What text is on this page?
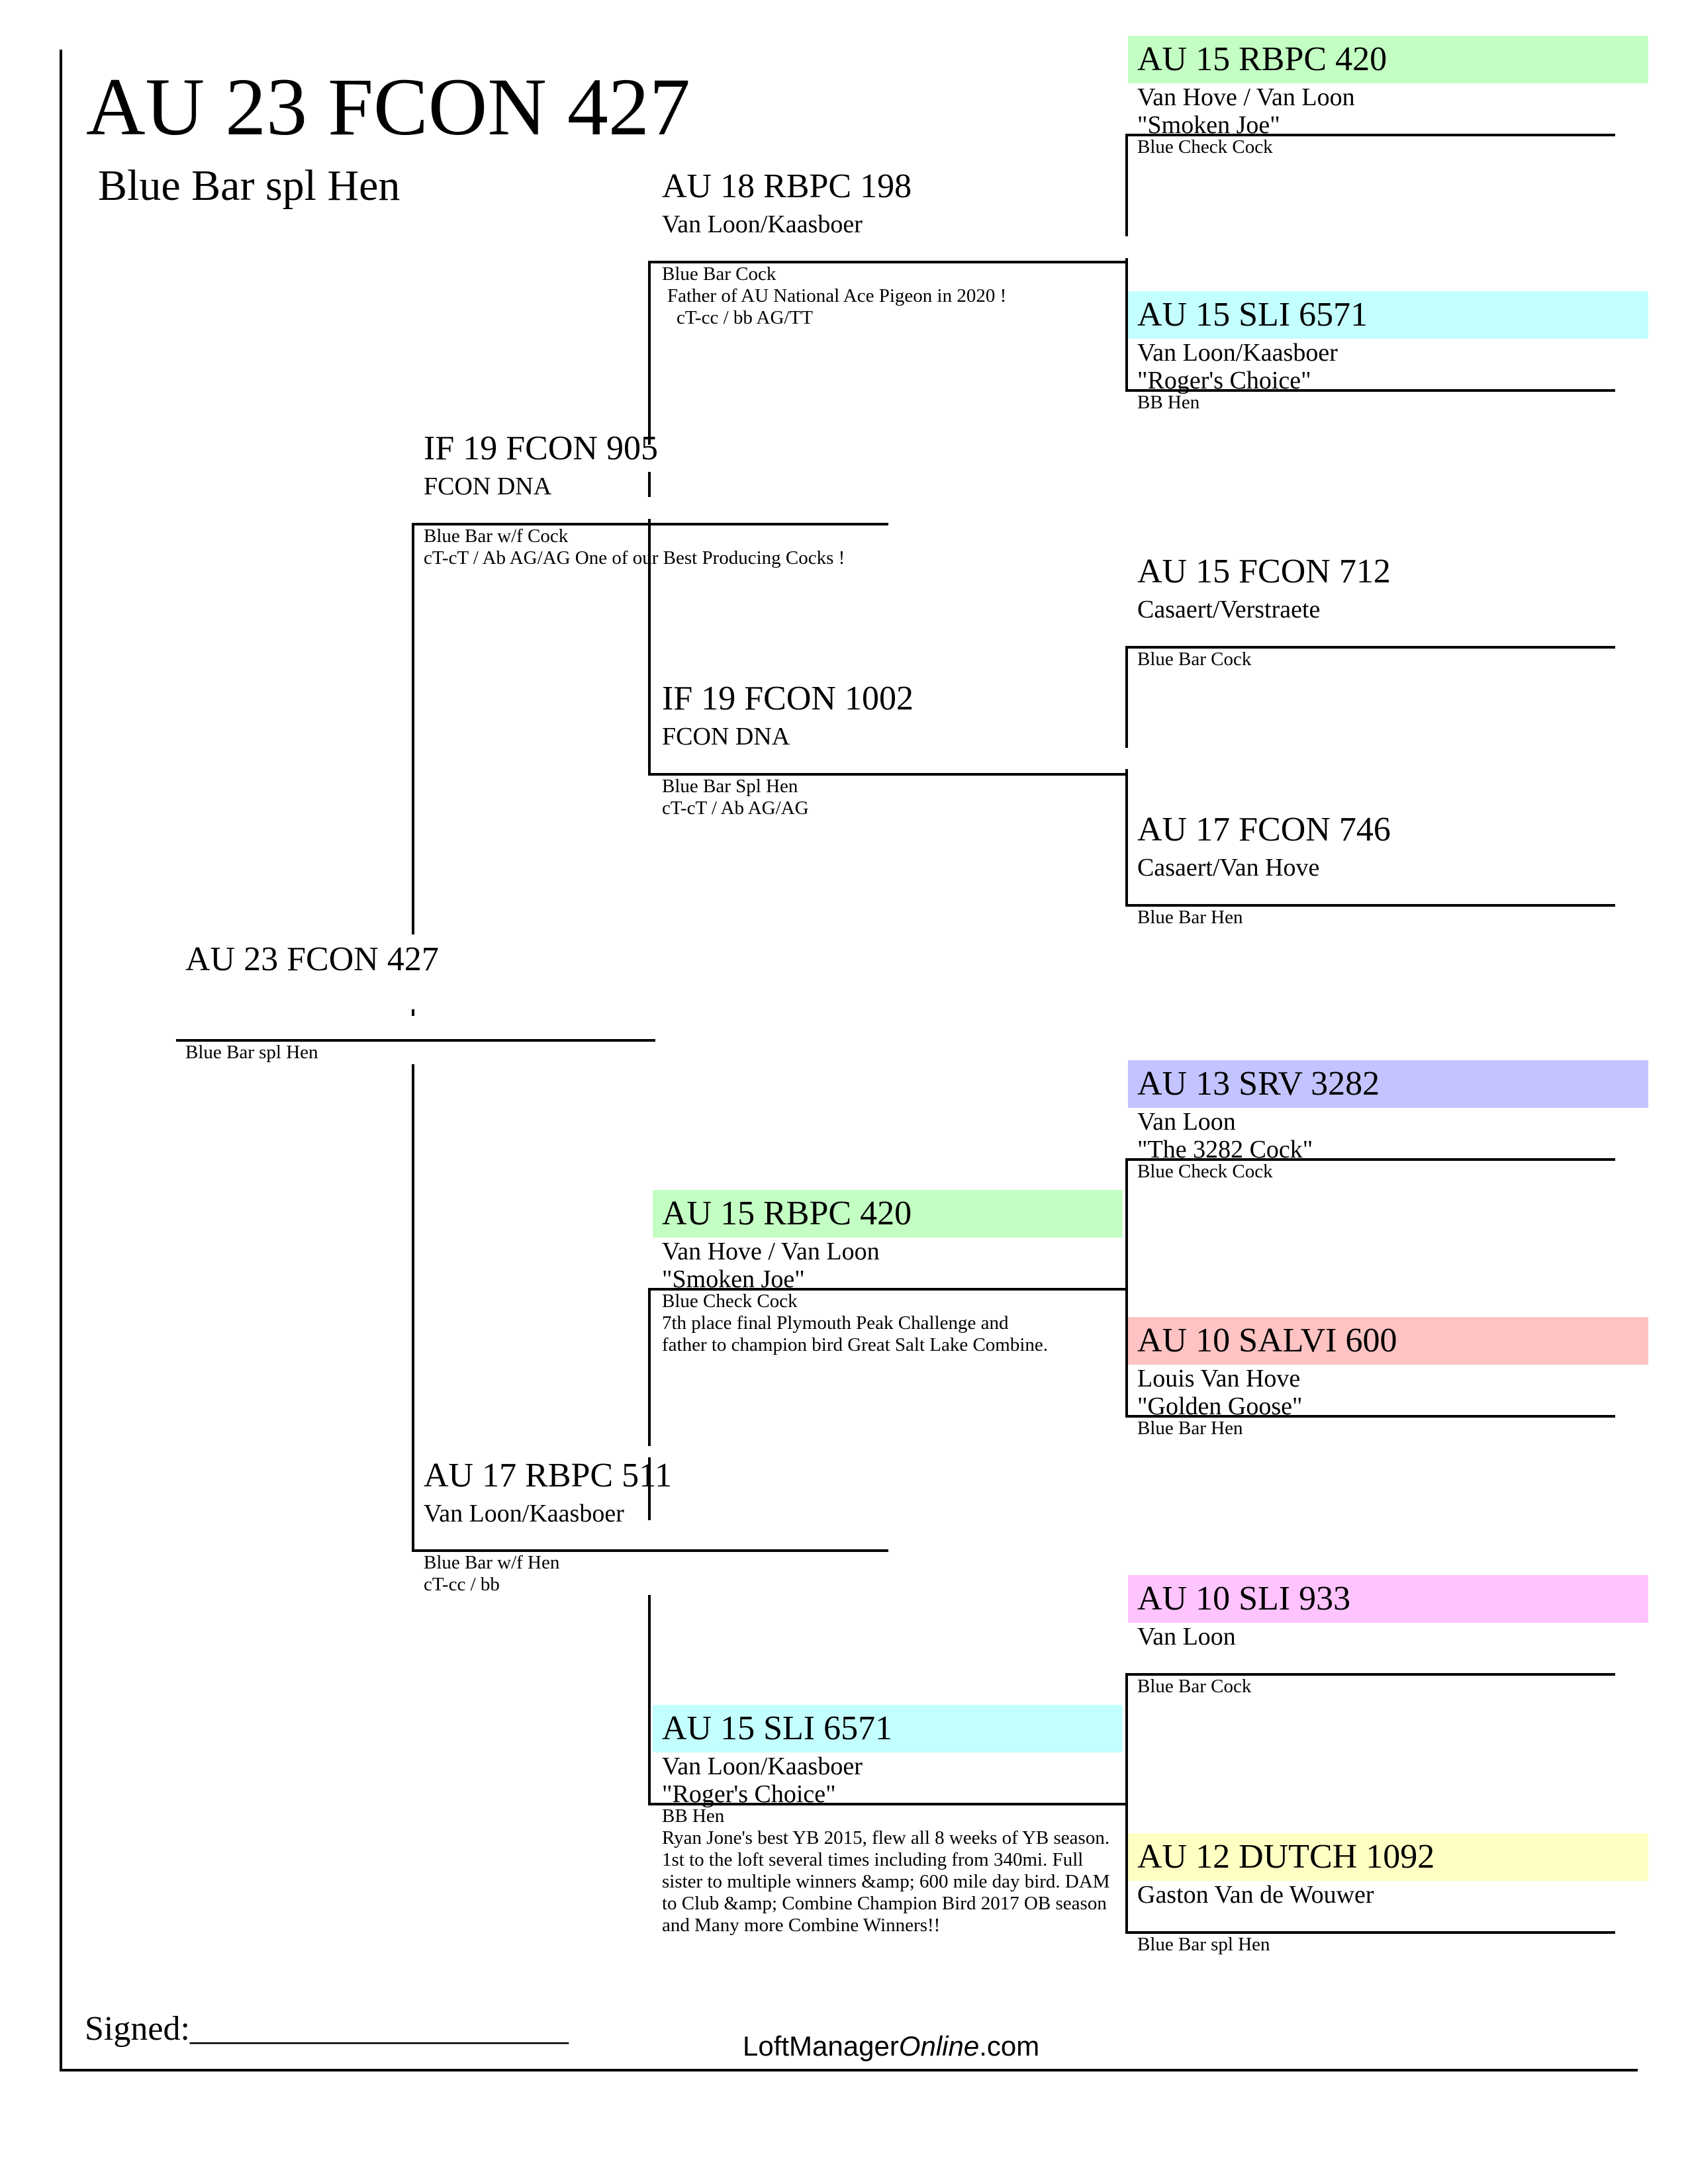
AU 23 FCON 427
Blue Bar spl Hen
AU 23 FCON 427
Blue Bar spl Hen
IF 19 FCON 905
FCON DNA
Blue Bar w/f Cock
cT-cT / Ab AG/AG One of our Best Producing Cocks !
AU 17 RBPC 511
Van Loon/Kaasboer
Blue Bar w/f Hen
cT-cc / bb
AU 18 RBPC 198
Van Loon/Kaasboer
Blue Bar Cock
Father of AU National Ace Pigeon in 2020 !
cT-cc / bb AG/TT
IF 19 FCON 1002
FCON DNA
Blue Bar Spl Hen
cT-cT / Ab AG/AG
AU 15 RBPC 420
Van Hove / Van Loon
"Smoken Joe"
Blue Check Cock
7th place final Plymouth Peak Challenge and
father to champion bird Great Salt Lake Combine.
AU 15 SLI 6571
Van Loon/Kaasboer
"Roger's Choice"
BB Hen
Ryan Jone's best YB 2015, flew all 8 weeks of YB season. 1st to the loft several times including from 340mi. Full sister to multiple winners &amp; 600 mile day bird. DAM to Club &amp; Combine Champion Bird 2017 OB season and Many more Combine Winners!!
AU 15 RBPC 420
Van Hove / Van Loon
"Smoken Joe"
Blue Check Cock
AU 15 SLI 6571
Van Loon/Kaasboer
"Roger's Choice"
BB Hen
AU 15 FCON 712
Casaert/Verstraete
Blue Bar Cock
AU 17 FCON 746
Casaert/Van Hove
Blue Bar Hen
AU 13 SRV 3282
Van Loon
"The 3282 Cock"
Blue Check Cock
AU 10 SALVI 600
Louis Van Hove
"Golden Goose"
Blue Bar Hen
AU 10 SLI 933
Van Loon
Blue Bar Cock
AU 12 DUTCH 1092
Gaston Van de Wouwer
Blue Bar spl Hen
Signed:______________________	LoftManagerOnline.com
